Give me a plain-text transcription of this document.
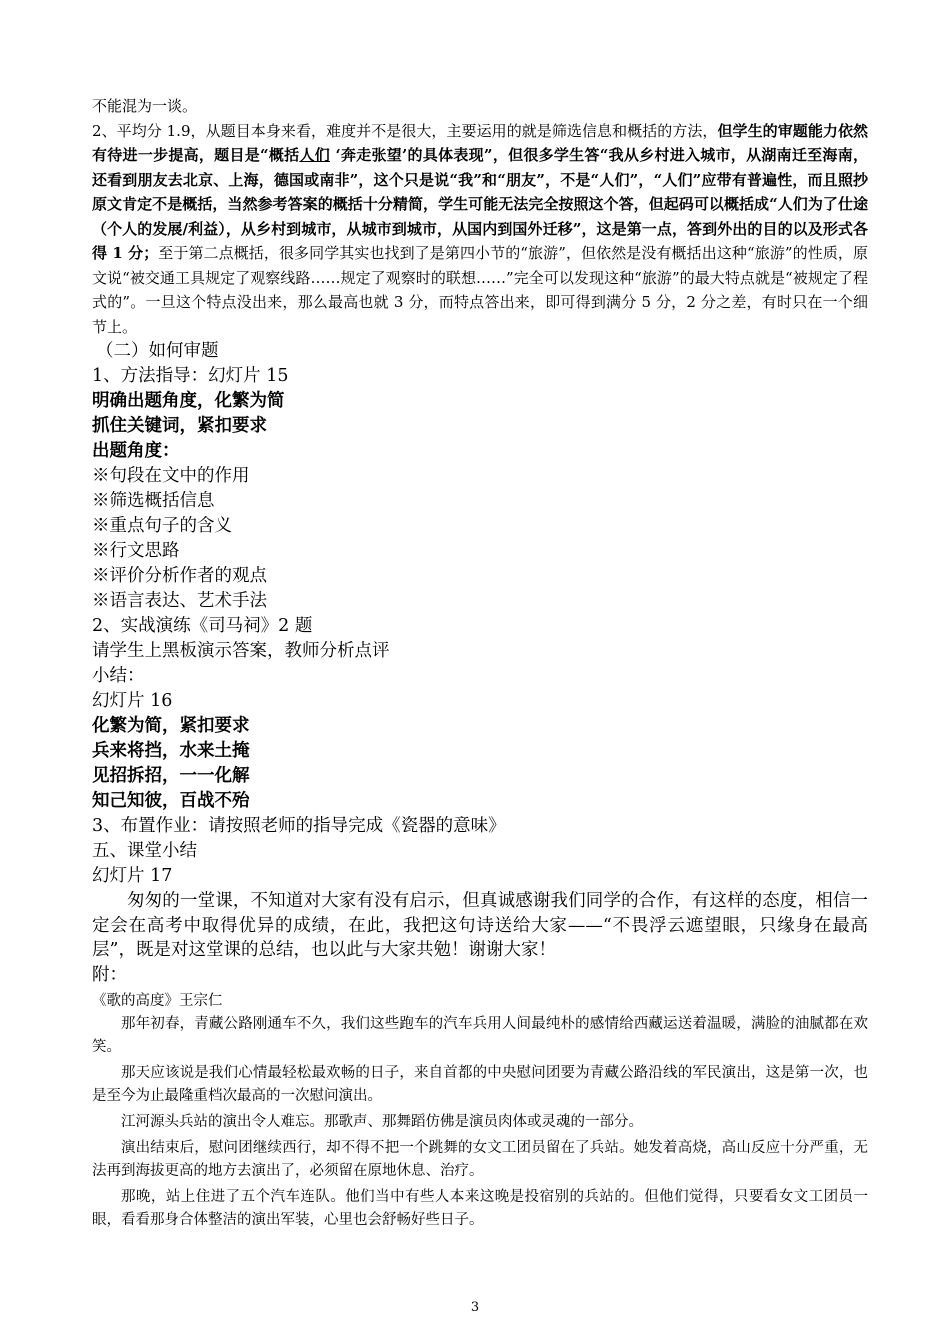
不能混为一谈。

2、平均分 1.9，从题目本身来看，难度并不是很大，主要运用的就是筛选信息和概括的方法，但学生的审题能力依然有待进一步提高，题目是“概括人们 ‘奔走张望’的具体表现”，但很多学生答“我从乡村进入城市，从湖南迁至海南，还看到朋友去北京、上海，德国或南非”，这个只是说“我”和“朋友”，不是“人们”，“人们”应带有普遍性，而且照抄原文肯定不是概括，当然参考答案的概括十分精简，学生可能无法完全按照这个答，但起码可以概括成“人们为了仕途（个人的发展/利益），从乡村到城市，从城市到城市，从国内到国外迁移”，这是第一点，答到外出的目的以及形式各得 1 分；至于第二点概括，很多同学其实也找到了是第四小节的“旅游”，但依然是没有概括出这种“旅游”的性质，原文说“被交通工具规定了观察线路……规定了观察时的联想……”完全可以发现这种“旅游”的最大特点就是“被规定了程式的”。一旦这个特点没出来，那么最高也就 3 分，而特点答出来，即可得到满分 5 分，2 分之差，有时只在一个细节上。

（二）如何审题

1、方法指导：幻灯片 15

明确出题角度，化繁为简

抓住关键词，紧扣要求

出题角度：

※句段在文中的作用

※筛选概括信息

※重点句子的含义

※行文思路

※评价分析作者的观点

※语言表达、艺术手法

2、实战演练《司马祠》2 题

请学生上黑板演示答案，教师分析点评

小结：

幻灯片 16

化繁为简，紧扣要求

兵来将挡，水来土掩

见招拆招，一一化解

知己知彼，百战不殆

3、布置作业：请按照老师的指导完成《瓷器的意味》

五、课堂小结

幻灯片 17

匆匆的一堂课，不知道对大家有没有启示，但真诚感谢我们同学的合作，有这样的态度，相信一定会在高考中取得优异的成绩，在此，我把这句诗送给大家——“不畏浮云遮望眼，只缘身在最高层”，既是对这堂课的总结，也以此与大家共勉！谢谢大家！

附：

《歌的高度》王宗仁

那年初春，青藏公路刚通车不久，我们这些跑车的汽车兵用人间最纯朴的感情给西藏运送着温暖，满脸的油腻都在欢笑。

那天应该说是我们心情最轻松最欢畅的日子，来自首都的中央慰问团要为青藏公路沿线的军民演出，这是第一次，也是至今为止最隆重档次最高的一次慰问演出。

江河源头兵站的演出令人难忘。那歌声、那舞蹈仿佛是演员肉体或灵魂的一部分。

演出结束后，慰问团继续西行，却不得不把一个跳舞的女文工团员留在了兵站。她发着高烧，高山反应十分严重，无法再到海拔更高的地方去演出了，必须留在原地休息、治疗。

那晚，站上住进了五个汽车连队。他们当中有些人本来这晚是投宿别的兵站的。但他们觉得，只要看女文工团员一眼，看看那身合体整洁的演出军装，心里也会舒畅好些日子。

3
